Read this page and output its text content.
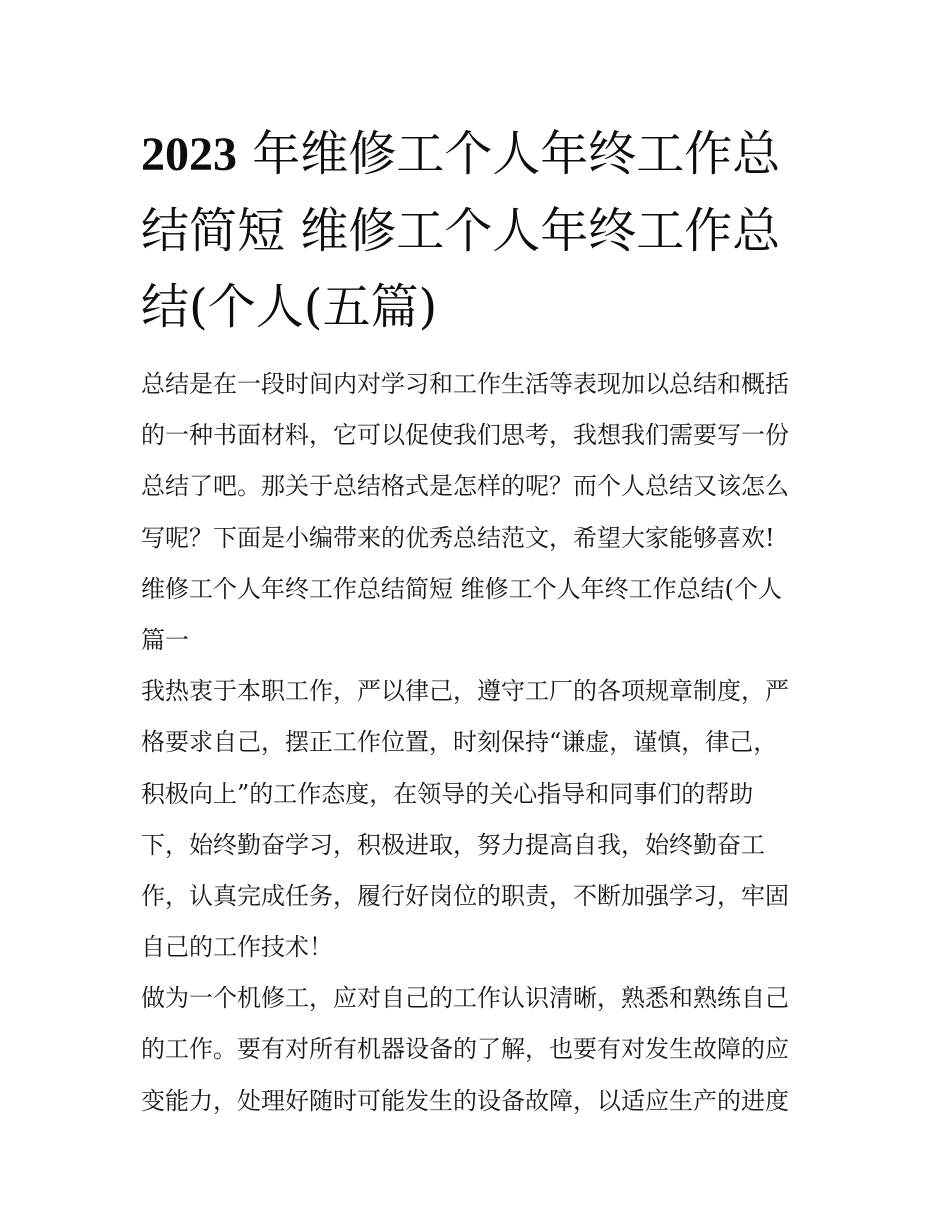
2023 年维修工个人年终工作总
结简短 维修工个人年终工作总
结(个人(五篇)
总结是在一段时间内对学习和工作生活等表现加以总结和概括
的一种书面材料，它可以促使我们思考，我想我们需要写一份
总结了吧。那关于总结格式是怎样的呢？而个人总结又该怎么
写呢？下面是小编带来的优秀总结范文，希望大家能够喜欢!
维修工个人年终工作总结简短 维修工个人年终工作总结(个人
篇一
我热衷于本职工作，严以律己，遵守工厂的各项规章制度，严
格要求自己，摆正工作位置，时刻保持“谦虚，谨慎，律己，
积极向上”的工作态度，在领导的关心指导和同事们的帮助
下，始终勤奋学习，积极进取，努力提高自我，始终勤奋工
作，认真完成任务，履行好岗位的职责，不断加强学习，牢固
自己的工作技术！
做为一个机修工，应对自己的工作认识清晰，熟悉和熟练自己
的工作。要有对所有机器设备的了解，也要有对发生故障的应
变能力，处理好随时可能发生的设备故障，以适应生产的进度
